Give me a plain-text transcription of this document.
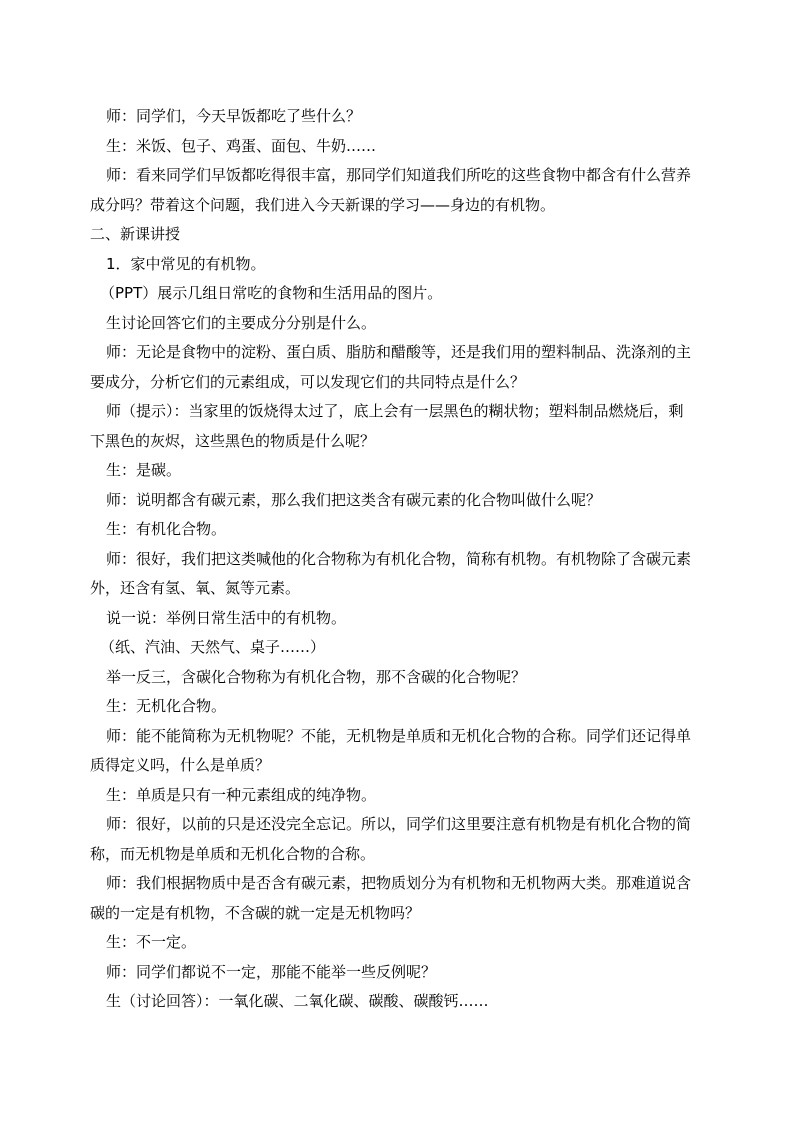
师：同学们，今天早饭都吃了些什么？
生：米饭、包子、鸡蛋、面包、牛奶……
师：看来同学们早饭都吃得很丰富，那同学们知道我们所吃的这些食物中都含有什么营养
成分吗？带着这个问题，我们进入今天新课的学习——身边的有机物。
二、新课讲授
1．家中常见的有机物。
（PPT）展示几组日常吃的食物和生活用品的图片。
生讨论回答它们的主要成分分别是什么。
师：无论是食物中的淀粉、蛋白质、脂肪和醋酸等，还是我们用的塑料制品、洗涤剂的主
要成分，分析它们的元素组成，可以发现它们的共同特点是什么？
师（提示）：当家里的饭烧得太过了，底上会有一层黑色的糊状物；塑料制品燃烧后，剩
下黑色的灰烬，这些黑色的物质是什么呢？
生：是碳。
师：说明都含有碳元素，那么我们把这类含有碳元素的化合物叫做什么呢？
生：有机化合物。
师：很好，我们把这类喊他的化合物称为有机化合物，简称有机物。有机物除了含碳元素
外，还含有氢、氧、氮等元素。
说一说：举例日常生活中的有机物。
（纸、汽油、天然气、桌子……）
举一反三，含碳化合物称为有机化合物，那不含碳的化合物呢？
生：无机化合物。
师：能不能简称为无机物呢？不能，无机物是单质和无机化合物的合称。同学们还记得单
质得定义吗，什么是单质？
生：单质是只有一种元素组成的纯净物。
师：很好，以前的只是还没完全忘记。所以，同学们这里要注意有机物是有机化合物的简
称，而无机物是单质和无机化合物的合称。
师：我们根据物质中是否含有碳元素，把物质划分为有机物和无机物两大类。那难道说含
碳的一定是有机物，不含碳的就一定是无机物吗？
生：不一定。
师：同学们都说不一定，那能不能举一些反例呢？
生（讨论回答）：一氧化碳、二氧化碳、碳酸、碳酸钙……
